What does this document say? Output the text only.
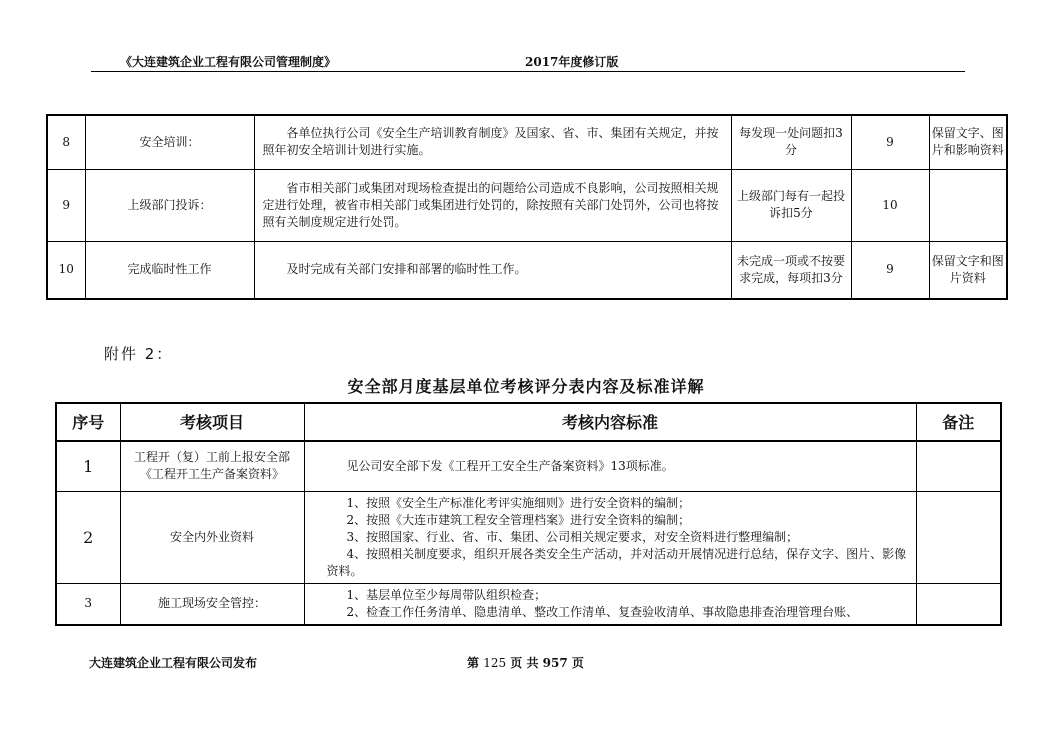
《大连建筑企业工程有限公司管理制度》	2017年度修订版
8	安全培训：	各单位执行公司《安全生产培训教育制度》及国家、省、市、集团有关规定，并按照年初安全培训计划进行实施。	每发现一处问题扣3分	9	保留文字、图片和影响资料
9	上级部门投诉：	省市相关部门或集团对现场检查提出的问题给公司造成不良影响，公司按照相关规定进行处理，被省市相关部门或集团进行处罚的，除按照有关部门处罚外，公司也将按照有关制度规定进行处罚。	上级部门每有一起投诉扣5分	10	
10	完成临时性工作	及时完成有关部门安排和部署的临时性工作。	未完成一项或不按要求完成，每项扣3分	9	保留文字和图片资料
附件 2：
安全部月度基层单位考核评分表内容及标准详解
序号	考核项目	考核内容标准	备注
1	工程开（复）工前上报安全部《工程开工生产备案资料》	见公司安全部下发《工程开工安全生产备案资料》13项标准。	

2	安全内外业资料	1、按照《安全生产标准化考评实施细则》进行安全资料的编制；
2、按照《大连市建筑工程安全管理档案》进行安全资料的编制；
3、按照国家、行业、省、市、集团、公司相关规定要求，对安全资料进行整理编制；
4、按照相关制度要求，组织开展各类安全生产活动，并对活动开展情况进行总结，保存文字、图片、影像资料。	

3	施工现场安全管控：	1、基层单位至少每周带队组织检查；
2、检查工作任务清单、隐患清单、整改工作清单、复查验收清单、事故隐患排查治理管理台账、	

大连建筑企业工程有限公司发布	第 125 页 共 957 页
